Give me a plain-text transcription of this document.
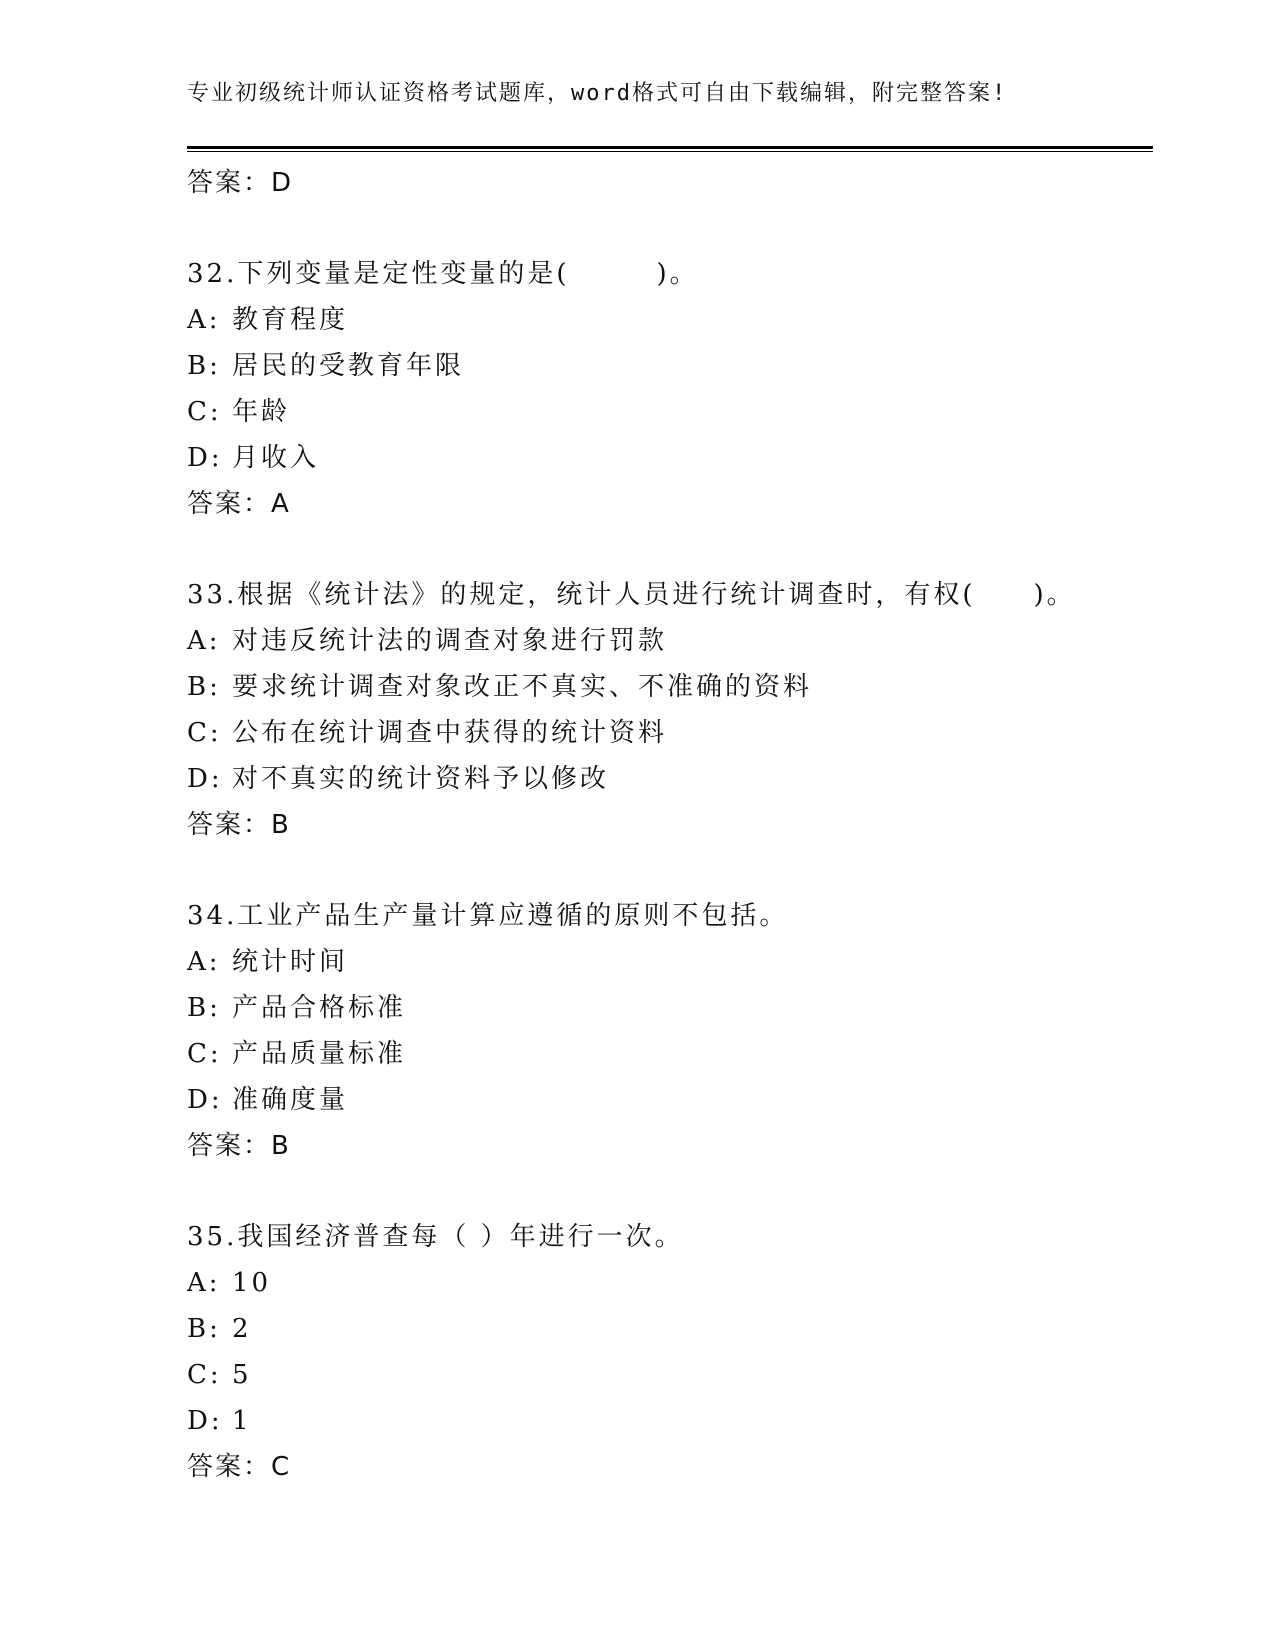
专业初级统计师认证资格考试题库，word格式可自由下载编辑，附完整答案!
答案：D
32.下列变量是定性变量的是(　　　)。
A: 教育程度
B: 居民的受教育年限
C: 年龄
D: 月收入
答案：A
33.根据《统计法》的规定，统计人员进行统计调查时，有权(　　)。
A: 对违反统计法的调查对象进行罚款
B: 要求统计调查对象改正不真实、不准确的资料
C: 公布在统计调查中获得的统计资料
D: 对不真实的统计资料予以修改
答案：B
34.工业产品生产量计算应遵循的原则不包括。
A: 统计时间
B: 产品合格标准
C: 产品质量标准
D: 准确度量
答案：B
35.我国经济普查每（ ）年进行一次。
A: 10
B: 2
C: 5
D: 1
答案：C
